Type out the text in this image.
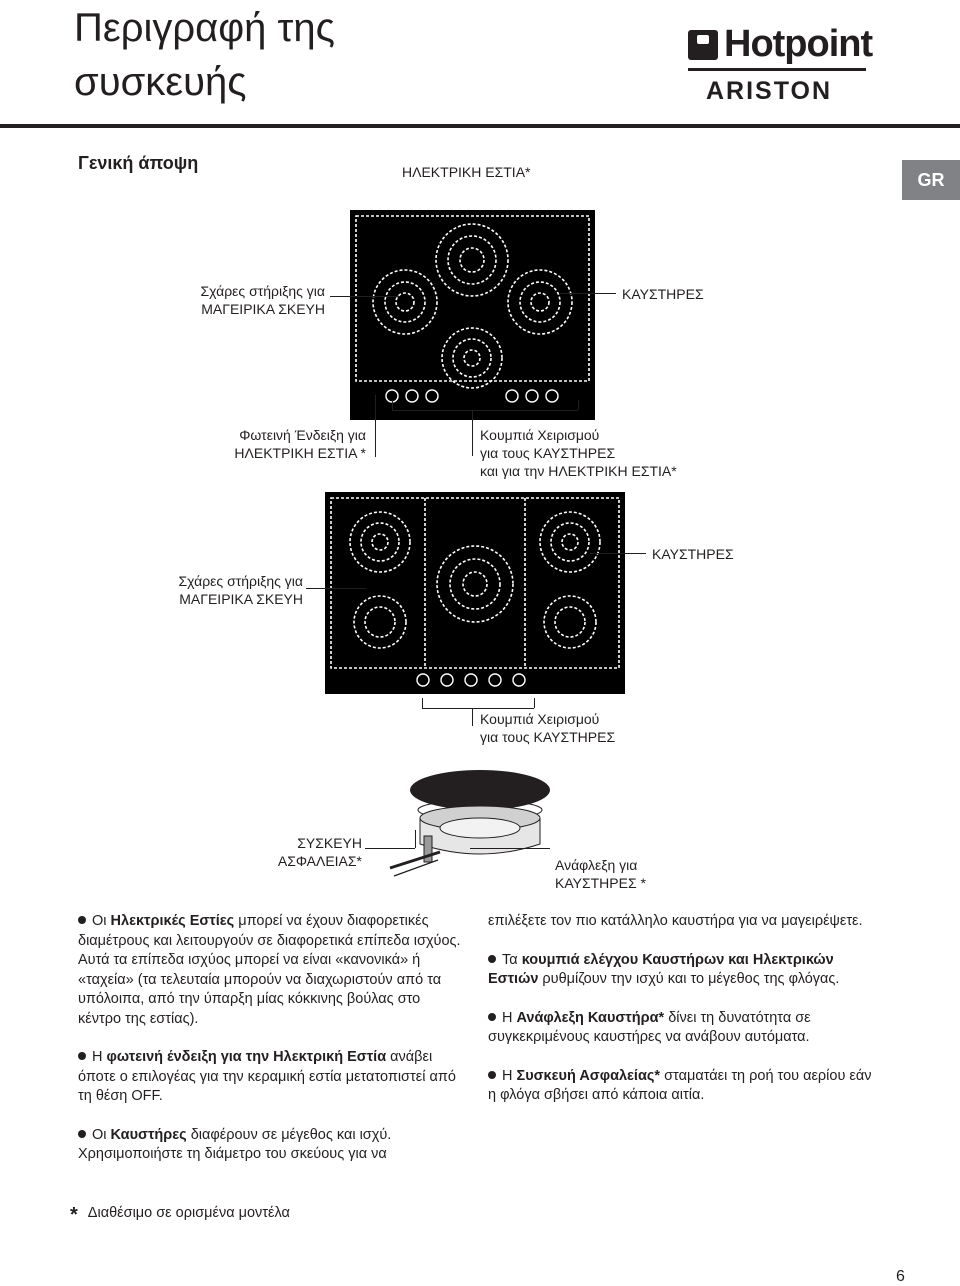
Περιγραφή της
συσκευής
Hotpoint
ARISTON
Γενική άποψη
GR
ΗΛΕΚΤΡΙΚΗ ΕΣΤΙΑ*
Σχάρες στήριξης για
ΜΑΓΕΙΡΙΚΑ ΣΚΕΥΗ
ΚΑΥΣΤΗΡΕΣ
Φωτεινή Ένδειξη για
ΗΛΕΚΤΡΙΚΗ ΕΣΤΙΑ *
Κουμπιά Χειρισμού
για τους ΚΑΥΣΤΗΡΕΣ
και για την ΗΛΕΚΤΡΙΚΗ ΕΣΤΙΑ*
Σχάρες στήριξης για
ΜΑΓΕΙΡΙΚΑ ΣΚΕΥΗ
ΚΑΥΣΤΗΡΕΣ
Κουμπιά Χειρισμού
για τους ΚΑΥΣΤΗΡΕΣ
ΣΥΣΚΕΥΗ
ΑΣΦΑΛΕΙΑΣ*	Ανάφλεξη για
ΚΑΥΣΤΗΡΕΣ *

Οι Ηλεκτρικές Εστίες μπορεί να έχουν διαφορετικές διαμέτρους και λειτουργούν σε διαφορετικά επίπεδα ισχύος. Αυτά τα επίπεδα ισχύος μπορεί να είναι «κανονικά» ή «ταχεία» (τα τελευταία μπορούν να διαχωριστούν από τα υπόλοιπα, από την ύπαρξη μίας κόκκινης βούλας στο κέντρο της εστίας).

Η φωτεινή ένδειξη για την Ηλεκτρική Εστία ανάβει όποτε ο επιλογέας για την κεραμική εστία μετατοπιστεί από τη θέση OFF.

Οι Καυστήρες διαφέρουν σε μέγεθος και ισχύ. Χρησιμοποιήστε τη διάμετρο του σκεύους για να

επιλέξετε τον πιο κατάλληλο καυστήρα για να μαγειρέψετε.

Τα κουμπιά ελέγχου Καυστήρων και Ηλεκτρικών Εστιών ρυθμίζουν την ισχύ και το μέγεθος της φλόγας.

Η Ανάφλεξη Καυστήρα* δίνει τη δυνατότητα σε συγκεκριμένους καυστήρες να ανάβουν αυτόματα.

Η Συσκευή Ασφαλείας* σταματάει τη ροή του αερίου εάν η φλόγα σβήσει από κάποια αιτία.

* Διαθέσιμο σε ορισμένα μοντέλα
6
